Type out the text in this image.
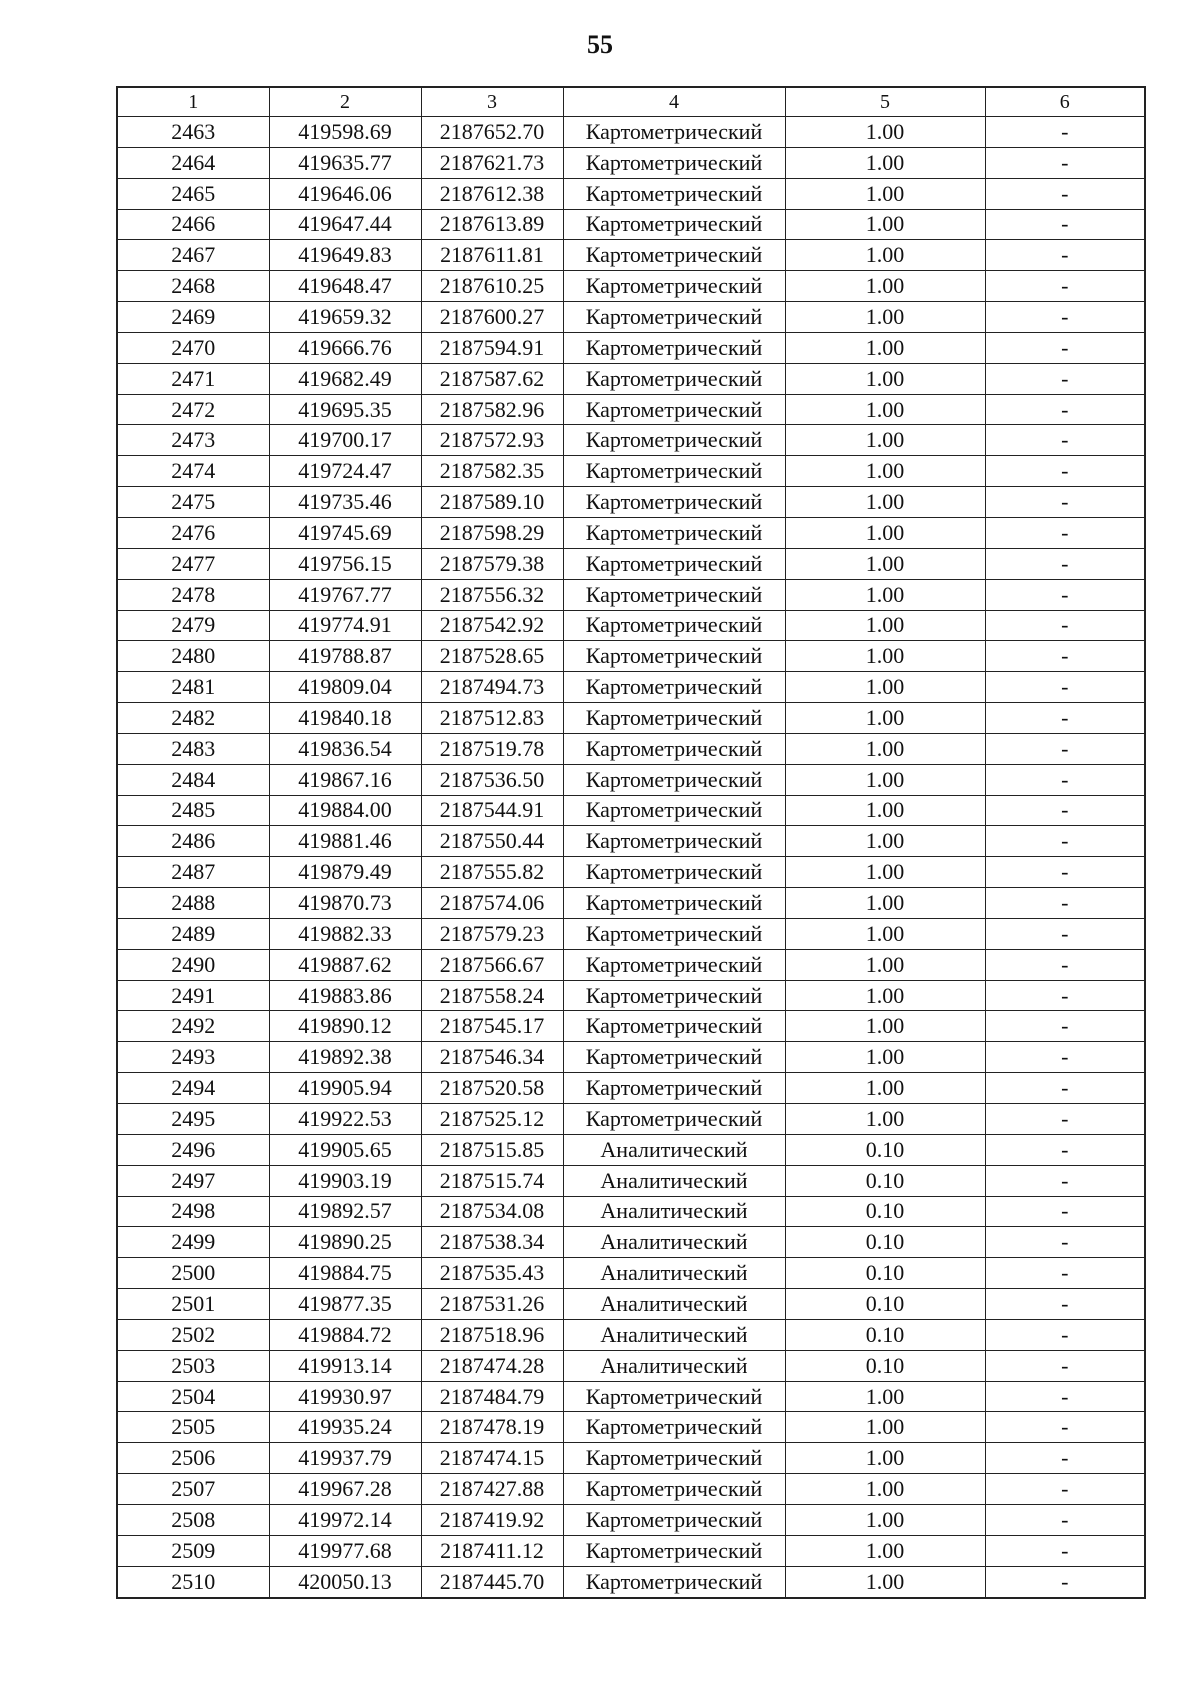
55
1	2	3	4	5	6
2463	419598.69	2187652.70	Картометрический	1.00	-
2464	419635.77	2187621.73	Картометрический	1.00	-
2465	419646.06	2187612.38	Картометрический	1.00	-
2466	419647.44	2187613.89	Картометрический	1.00	-
2467	419649.83	2187611.81	Картометрический	1.00	-
2468	419648.47	2187610.25	Картометрический	1.00	-
2469	419659.32	2187600.27	Картометрический	1.00	-
2470	419666.76	2187594.91	Картометрический	1.00	-
2471	419682.49	2187587.62	Картометрический	1.00	-
2472	419695.35	2187582.96	Картометрический	1.00	-
2473	419700.17	2187572.93	Картометрический	1.00	-
2474	419724.47	2187582.35	Картометрический	1.00	-
2475	419735.46	2187589.10	Картометрический	1.00	-
2476	419745.69	2187598.29	Картометрический	1.00	-
2477	419756.15	2187579.38	Картометрический	1.00	-
2478	419767.77	2187556.32	Картометрический	1.00	-
2479	419774.91	2187542.92	Картометрический	1.00	-
2480	419788.87	2187528.65	Картометрический	1.00	-
2481	419809.04	2187494.73	Картометрический	1.00	-
2482	419840.18	2187512.83	Картометрический	1.00	-
2483	419836.54	2187519.78	Картометрический	1.00	-
2484	419867.16	2187536.50	Картометрический	1.00	-
2485	419884.00	2187544.91	Картометрический	1.00	-
2486	419881.46	2187550.44	Картометрический	1.00	-
2487	419879.49	2187555.82	Картометрический	1.00	-
2488	419870.73	2187574.06	Картометрический	1.00	-
2489	419882.33	2187579.23	Картометрический	1.00	-
2490	419887.62	2187566.67	Картометрический	1.00	-
2491	419883.86	2187558.24	Картометрический	1.00	-
2492	419890.12	2187545.17	Картометрический	1.00	-
2493	419892.38	2187546.34	Картометрический	1.00	-
2494	419905.94	2187520.58	Картометрический	1.00	-
2495	419922.53	2187525.12	Картометрический	1.00	-
2496	419905.65	2187515.85	Аналитический	0.10	-
2497	419903.19	2187515.74	Аналитический	0.10	-
2498	419892.57	2187534.08	Аналитический	0.10	-
2499	419890.25	2187538.34	Аналитический	0.10	-
2500	419884.75	2187535.43	Аналитический	0.10	-
2501	419877.35	2187531.26	Аналитический	0.10	-
2502	419884.72	2187518.96	Аналитический	0.10	-
2503	419913.14	2187474.28	Аналитический	0.10	-
2504	419930.97	2187484.79	Картометрический	1.00	-
2505	419935.24	2187478.19	Картометрический	1.00	-
2506	419937.79	2187474.15	Картометрический	1.00	-
2507	419967.28	2187427.88	Картометрический	1.00	-
2508	419972.14	2187419.92	Картометрический	1.00	-
2509	419977.68	2187411.12	Картометрический	1.00	-
2510	420050.13	2187445.70	Картометрический	1.00	-
